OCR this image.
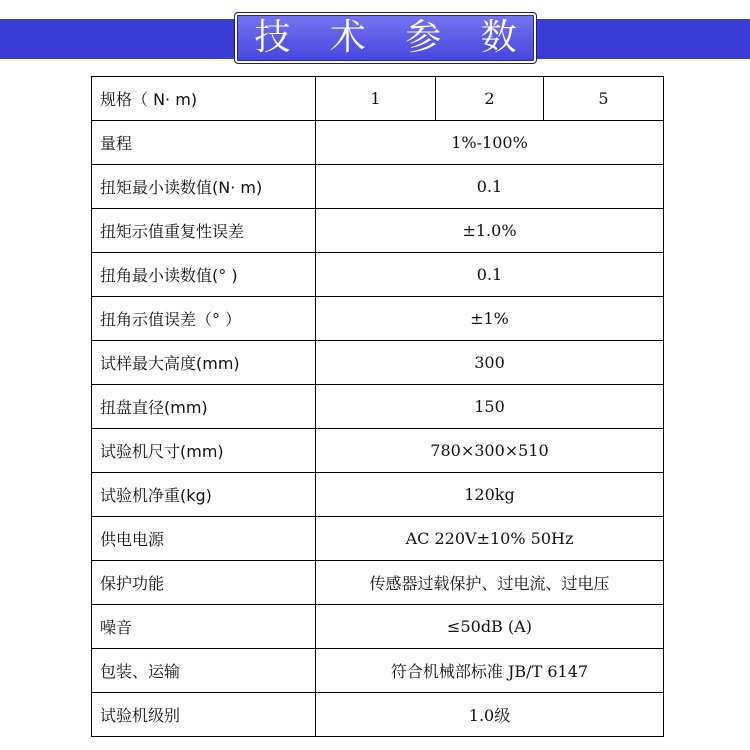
技 术 参 数
规格（ N· m)	1	2	5
量程	1%-100%		
扭矩最小读数值(N· m)	0.1		
扭矩示值重复性误差	±1.0%		
扭角最小读数值(° )	0.1		
扭角示值误差（° ）	±1%		
试样最大高度(mm)	300		
扭盘直径(mm)	150		
试验机尺寸(mm)	780×300×510		
试验机净重(kg)	120kg		
供电电源	AC 220V±10% 50Hz		
保护功能	传感器过载保护、过电流、过电压		
噪音	≤50dB (A)		
包装、运输	符合机械部标准 JB/T 6147		
试验机级别	1.0级		
